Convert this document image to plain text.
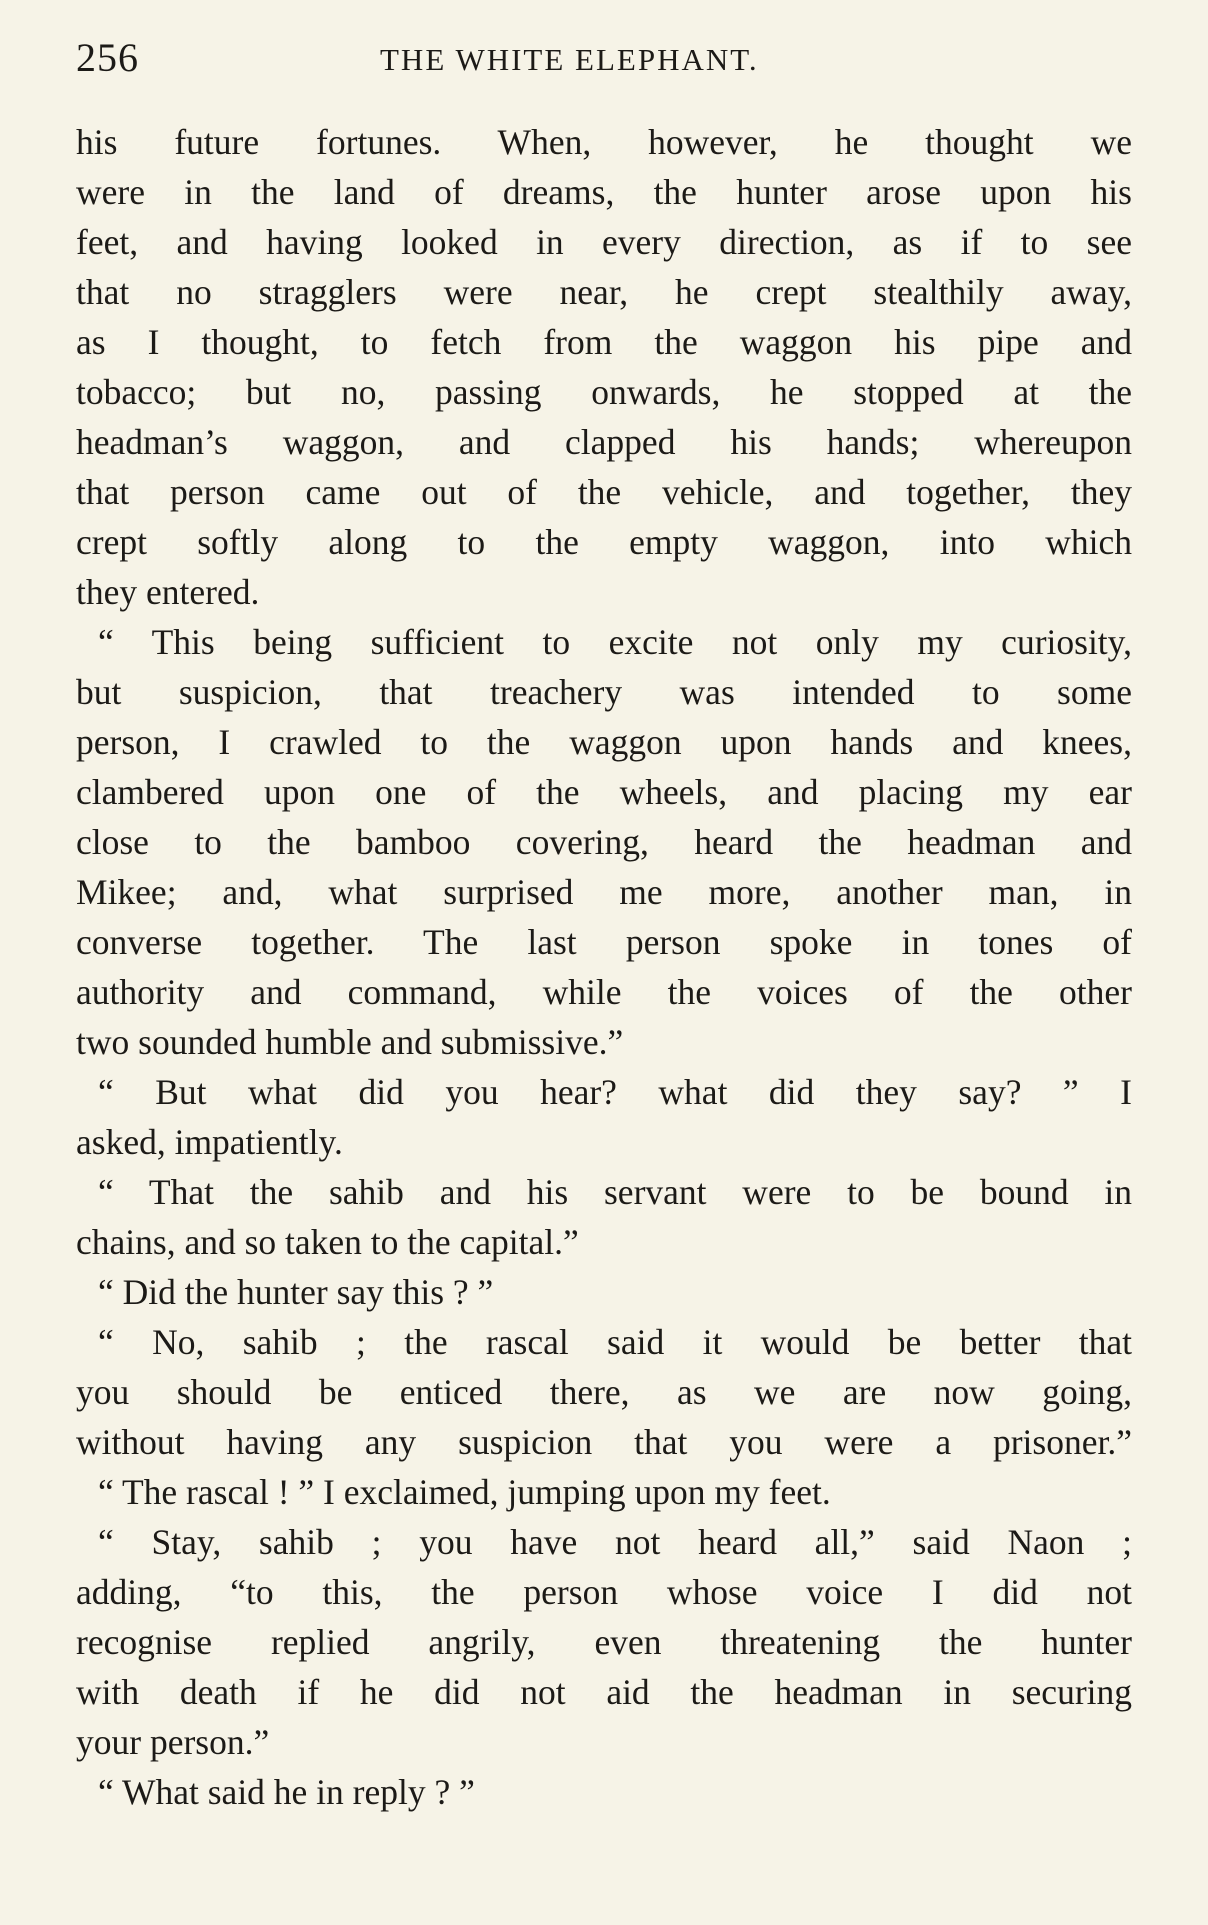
256	THE WHITE ELEPHANT.
his future fortunes. When, however, he thought we
were in the land of dreams, the hunter arose upon his
feet, and having looked in every direction, as if to see
that no stragglers were near, he crept stealthily away,
as I thought, to fetch from the waggon his pipe and
tobacco; but no, passing onwards, he stopped at the
headman’s waggon, and clapped his hands; whereupon
that person came out of the vehicle, and together, they
crept softly along to the empty waggon, into which
they entered.
“ This being sufficient to excite not only my curiosity,
but suspicion, that treachery was intended to some
person, I crawled to the waggon upon hands and knees,
clambered upon one of the wheels, and placing my ear
close to the bamboo covering, heard the headman and
Mikee; and, what surprised me more, another man, in
converse together. The last person spoke in tones of
authority and command, while the voices of the other
two sounded humble and submissive.”
“ But what did you hear? what did they say? ” I
asked, impatiently.
“ That the sahib and his servant were to be bound in
chains, and so taken to the capital.”
“ Did the hunter say this ? ”
“ No, sahib ; the rascal said it would be better that
you should be enticed there, as we are now going,
without having any suspicion that you were a prisoner.”
“ The rascal ! ” I exclaimed, jumping upon my feet.
“ Stay, sahib ; you have not heard all,” said Naon ;
adding, “to this, the person whose voice I did not
recognise replied angrily, even threatening the hunter
with death if he did not aid the headman in securing
your person.”
“ What said he in reply ? ”
